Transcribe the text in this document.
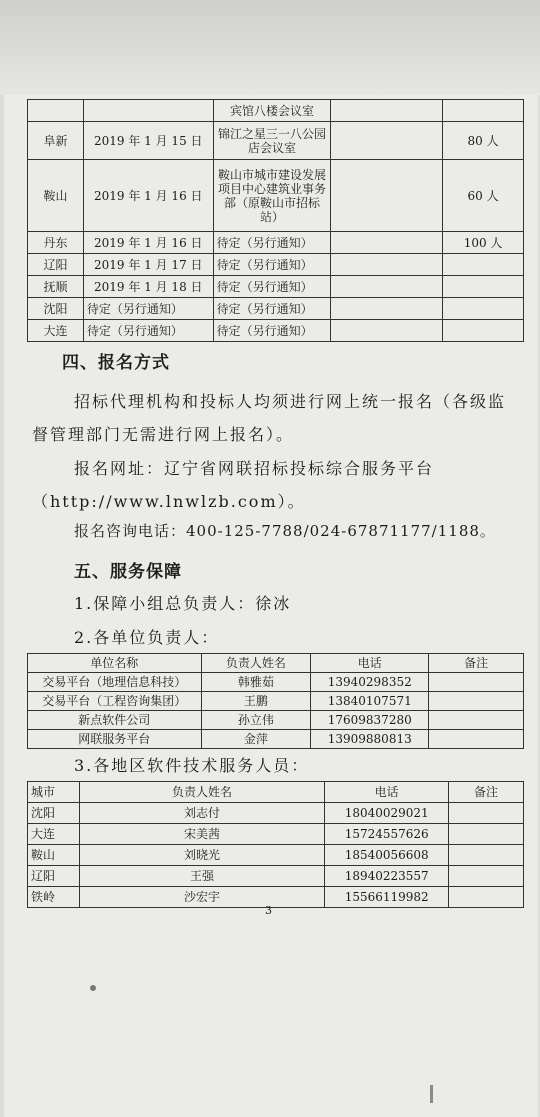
		宾馆八楼会议室		
阜新	2019 年 1 月 15 日	锦江之星三一八公园店会议室		80 人
鞍山	2019 年 1 月 16 日	鞍山市城市建设发展项目中心建筑业事务部（原鞍山市招标站）		60 人
丹东	2019 年 1 月 16 日	待定（另行通知）		100 人
辽阳	2019 年 1 月 17 日	待定（另行通知）		
抚顺	2019 年 1 月 18 日	待定（另行通知）		
沈阳	待定（另行通知）	待定（另行通知）		
大连	待定（另行通知）	待定（另行通知）		
四、报名方式
招标代理机构和投标人均须进行网上统一报名（各级监督管理部门无需进行网上报名）。
报名网址：辽宁省网联招标投标综合服务平台（http://www.lnwlzb.com）。
报名咨询电话：400-125-7788/024-67871177/1188。
五、服务保障
1.保障小组总负责人：徐冰
2.各单位负责人：
单位名称	负责人姓名	电话	备注
交易平台（地理信息科技）	韩雅茹	13940298352	
交易平台（工程咨询集团）	王鹏	13840107571	
新点软件公司	孙立伟	17609837280	
网联服务平台	金萍	13909880813	
3.各地区软件技术服务人员：
城市	负责人姓名	电话	备注
沈阳	刘志付	18040029021	
大连	宋美茜	15724557626	
鞍山	刘晓光	18540056608	
辽阳	王强	18940223557	
铁岭	沙宏宇	15566119982	
3
